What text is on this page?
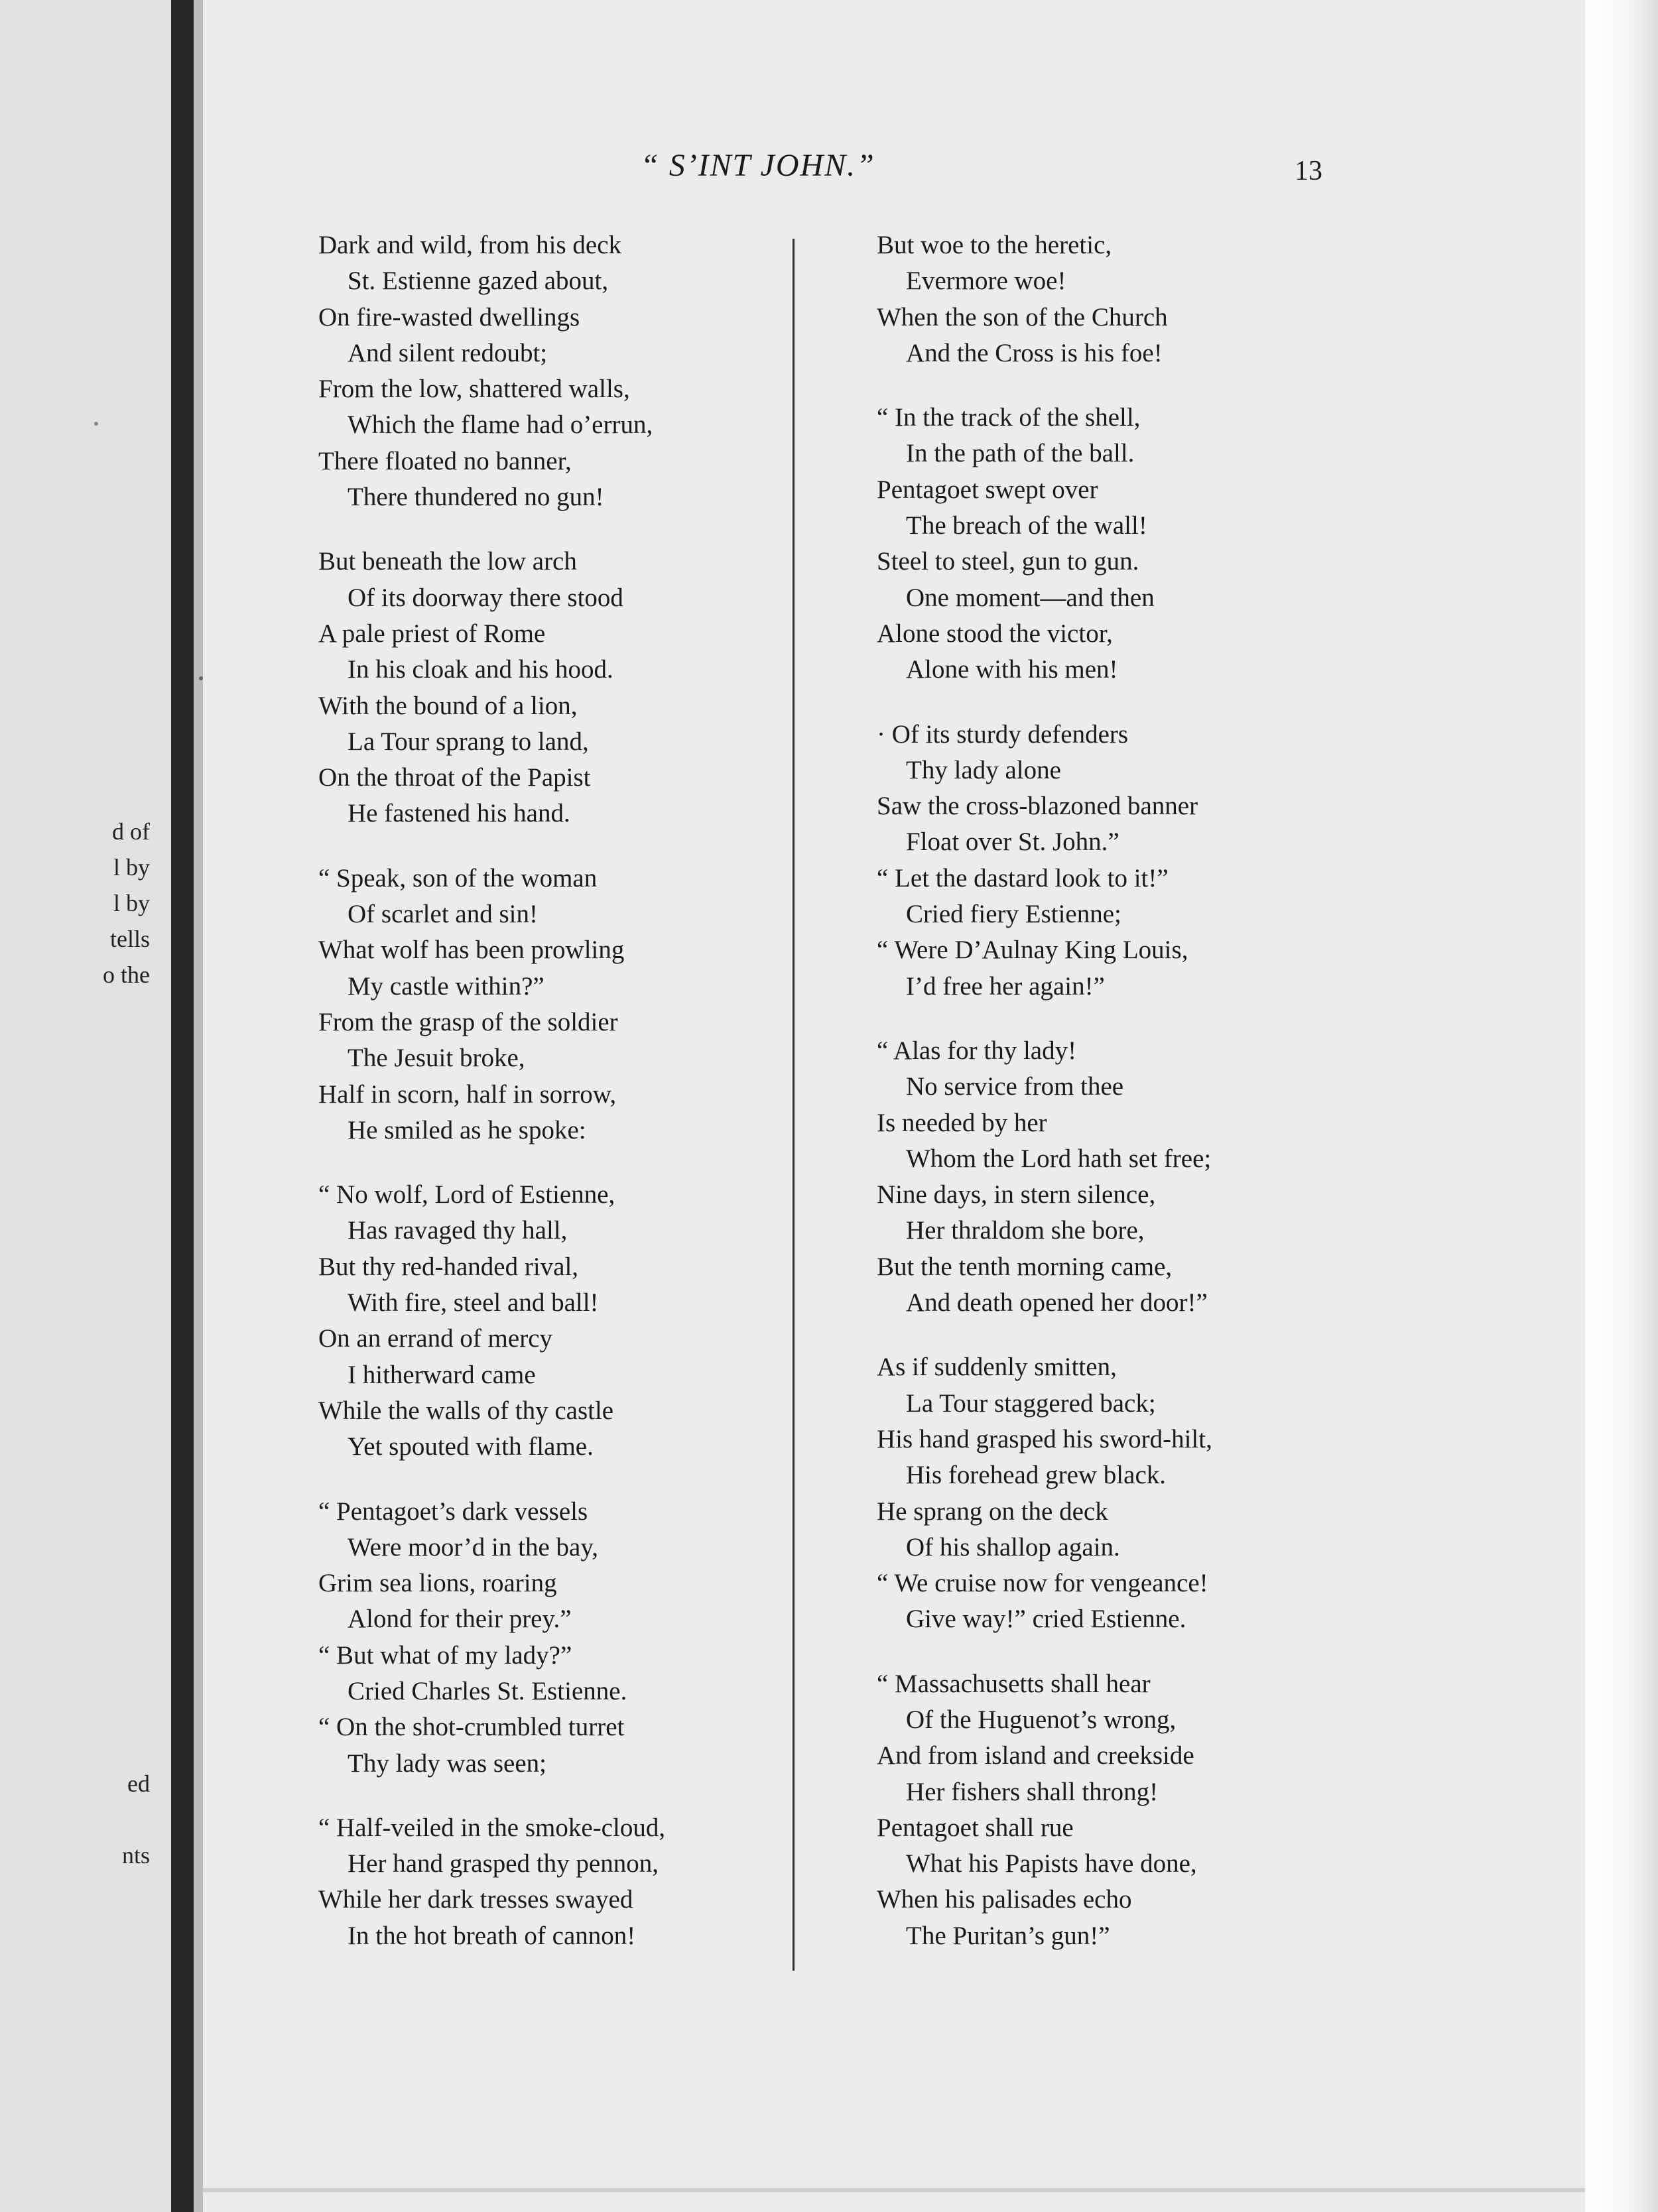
d of
l by
l by
tells
o the
ed
nts
“ S’INT JOHN.”	13
Dark and wild, from his deck
St. Estienne gazed about,
On fire-wasted dwellings
And silent redoubt;
From the low, shattered walls,
Which the flame had o’errun,
There floated no banner,
There thundered no gun!
But beneath the low arch
Of its doorway there stood
A pale priest of Rome
In his cloak and his hood.
With the bound of a lion,
La Tour sprang to land,
On the throat of the Papist
He fastened his hand.
“ Speak, son of the woman
Of scarlet and sin!
What wolf has been prowling
My castle within?”
From the grasp of the soldier
The Jesuit broke,
Half in scorn, half in sorrow,
He smiled as he spoke:
“ No wolf, Lord of Estienne,
Has ravaged thy hall,
But thy red-handed rival,
With fire, steel and ball!
On an errand of mercy
I hitherward came
While the walls of thy castle
Yet spouted with flame.
“ Pentagoet’s dark vessels
Were moor’d in the bay,
Grim sea lions, roaring
Alond for their prey.”
“ But what of my lady?”
Cried Charles St. Estienne.
“ On the shot-crumbled turret
Thy lady was seen;
“ Half-veiled in the smoke-cloud,
Her hand grasped thy pennon,
While her dark tresses swayed
In the hot breath of cannon!
But woe to the heretic,
Evermore woe!
When the son of the Church
And the Cross is his foe!
“ In the track of the shell,
In the path of the ball.
Pentagoet swept over
The breach of the wall!
Steel to steel, gun to gun.
One moment—and then
Alone stood the victor,
Alone with his men!
· Of its sturdy defenders
Thy lady alone
Saw the cross-blazoned banner
Float over St. John.”
“ Let the dastard look to it!”
Cried fiery Estienne;
“ Were D’Aulnay King Louis,
I’d free her again!”
“ Alas for thy lady!
No service from thee
Is needed by her
Whom the Lord hath set free;
Nine days, in stern silence,
Her thraldom she bore,
But the tenth morning came,
And death opened her door!”
As if suddenly smitten,
La Tour staggered back;
His hand grasped his sword-hilt,
His forehead grew black.
He sprang on the deck
Of his shallop again.
“ We cruise now for vengeance!
Give way!” cried Estienne.
“ Massachusetts shall hear
Of the Huguenot’s wrong,
And from island and creekside
Her fishers shall throng!
Pentagoet shall rue
What his Papists have done,
When his palisades echo
The Puritan’s gun!”
